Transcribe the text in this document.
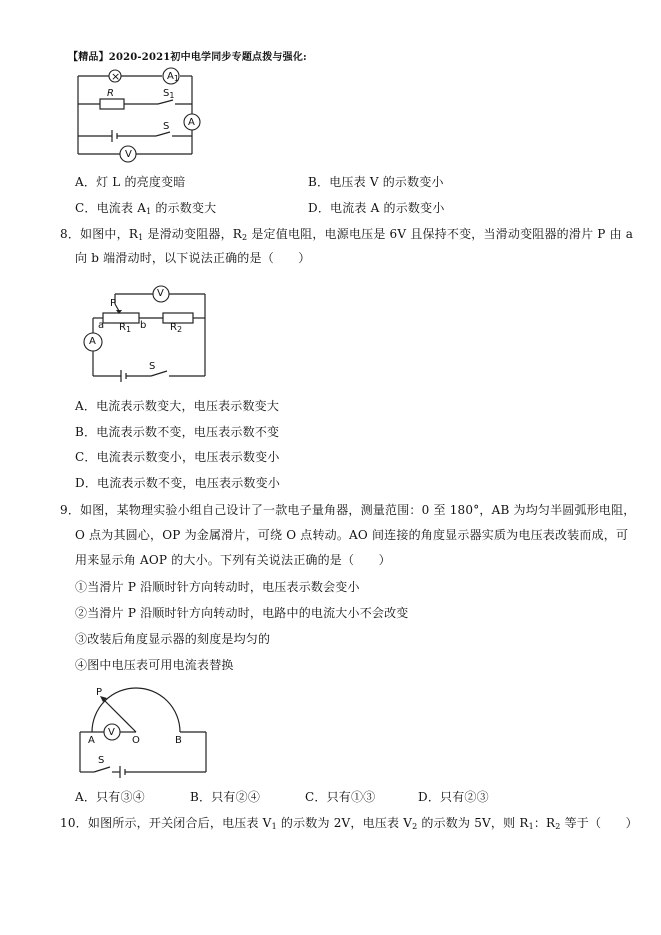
【精品】2020-2021初中电学同步专题点拨与强化:
×	$A_1$
A
V
R	$S_1$
S
A．灯 L 的亮度变暗	B．电压表 V 的示数变小
C．电流表 $A_1$ 的示数变大	D．电流表 A 的示数变小
8．如图中，$R_1$ 是滑动变阻器，$R_2$ 是定值电阻，电源电压是 6V 且保持不变，当滑动变阻器的滑片 P 由 a
向 b 端滑动时，以下说法正确的是（　　）
V
A
P
a	b
$R_1$	$R_2$
S
A．电流表示数变大，电压表示数变大
B．电流表示数不变，电压表示数不变
C．电流表示数变小，电压表示数变小
D．电流表示数不变，电压表示数变小
9．如图，某物理实验小组自己设计了一款电子量角器，测量范围：0 至 180°，AB 为均匀半圆弧形电阻，
O 点为其圆心，OP 为金属滑片，可绕 O 点转动。AO 间连接的角度显示器实质为电压表改装而成，可
用来显示角 AOP 的大小。下列有关说法正确的是（　　）
①当滑片 P 沿顺时针方向转动时，电压表示数会变小
②当滑片 P 沿顺时针方向转动时，电路中的电流大小不会改变
③改装后角度显示器的刻度是均匀的
④图中电压表可用电流表替换
V
P
A	O	B
S
A．只有③④	B．只有②④	C．只有①③	D．只有②③
10．如图所示，开关闭合后，电压表 $V_1$ 的示数为 2V，电压表 $V_2$ 的示数为 5V，则 $R_1$：$R_2$ 等于（　　）
